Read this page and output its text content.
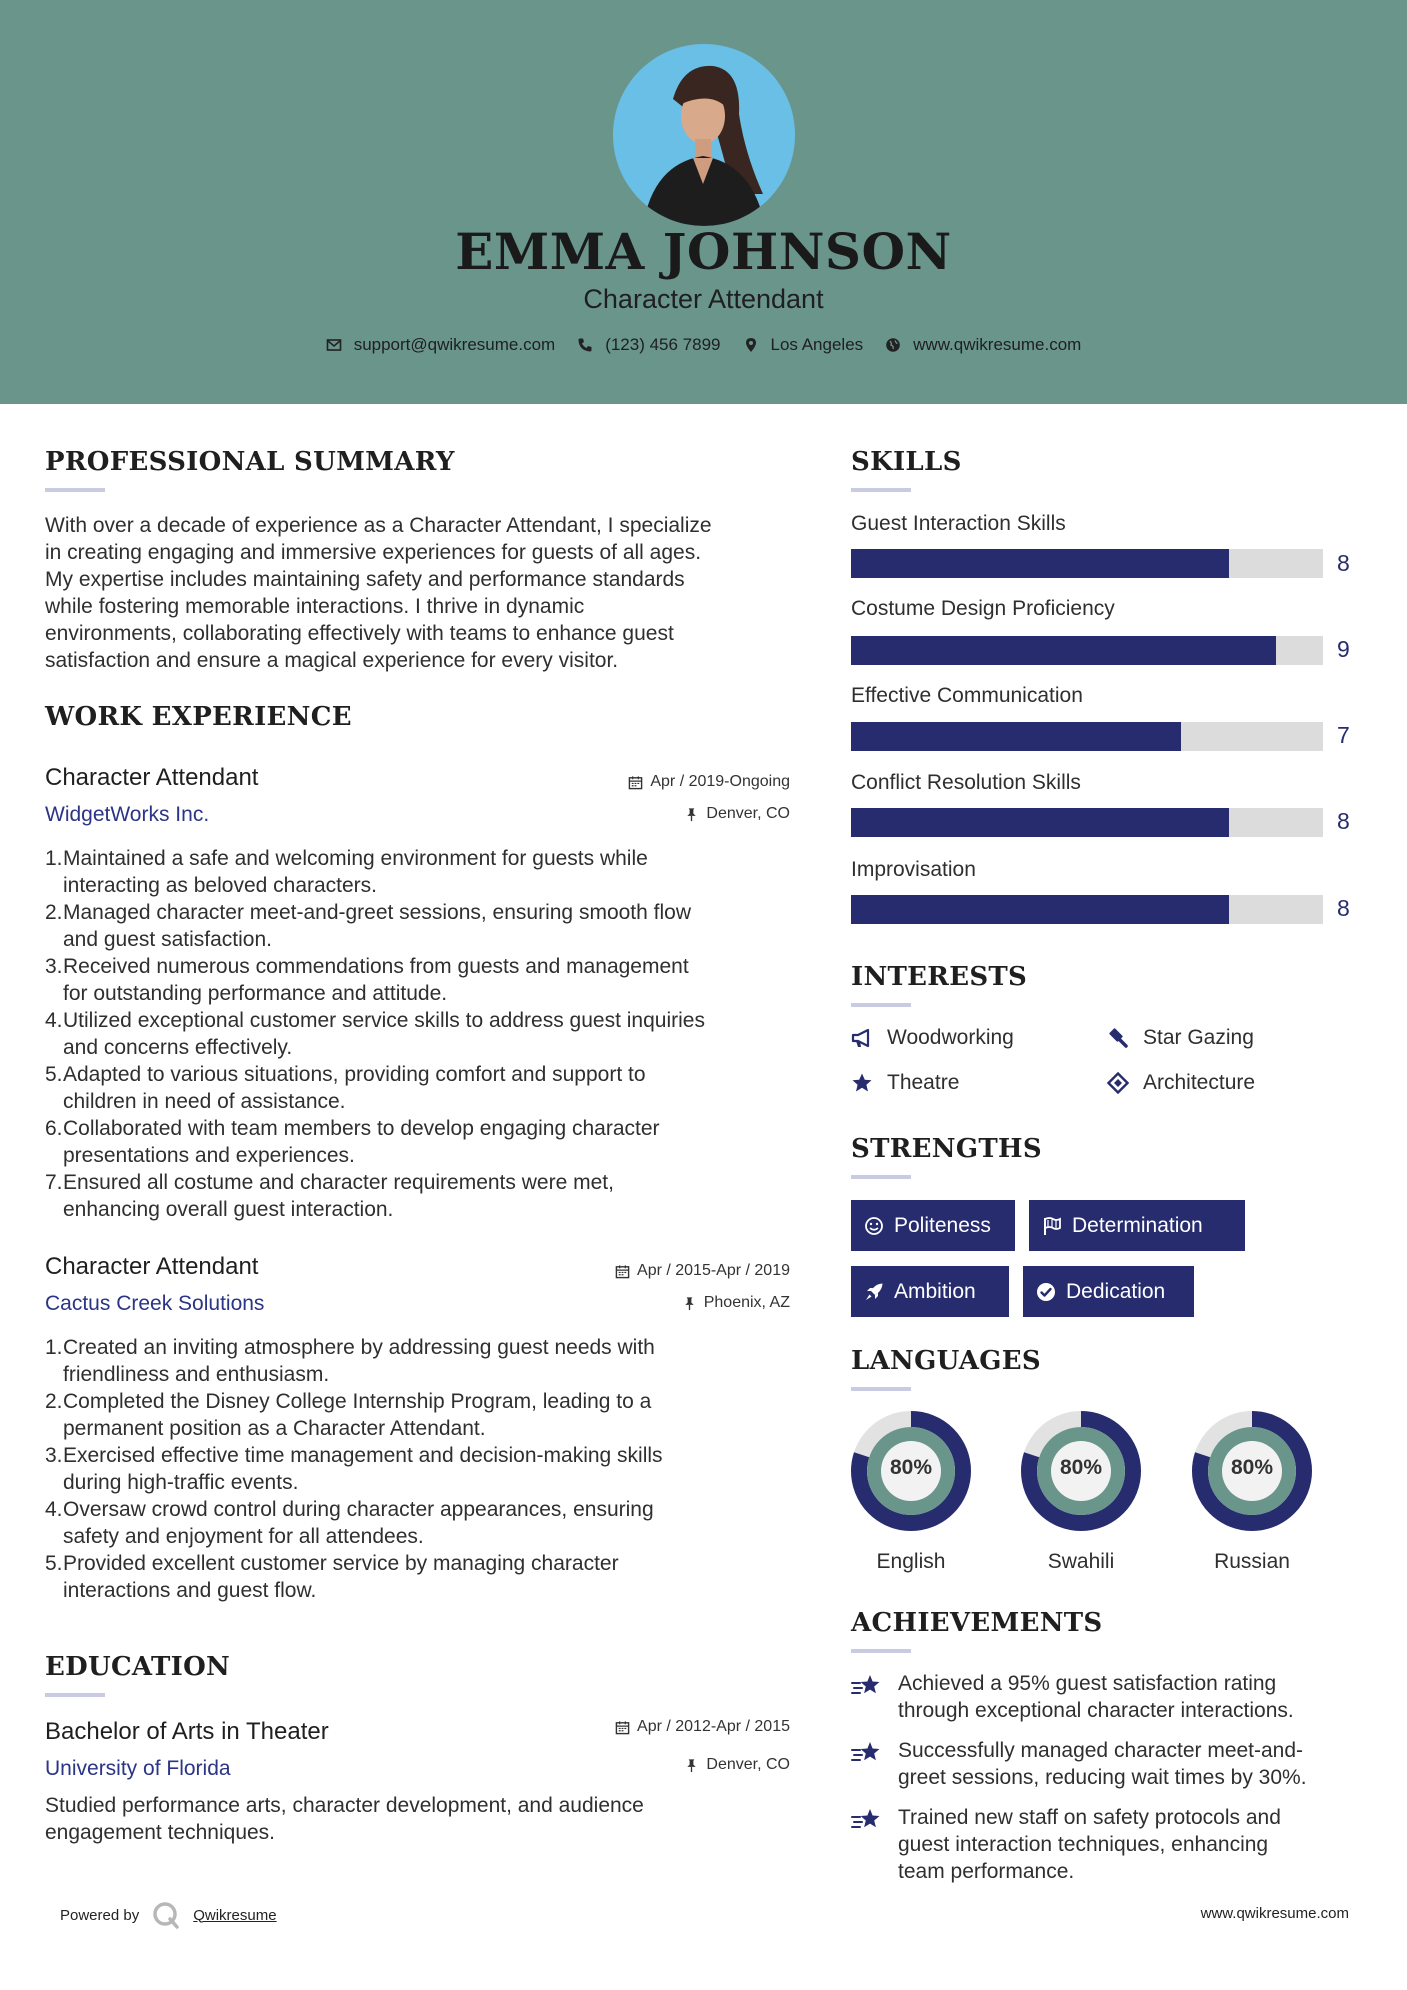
EMMA JOHNSON
Character Attendant
support@qwikresume.com	(123) 456 7899	Los Angeles	www.qwikresume.com
PROFESSIONAL SUMMARY
With over a decade of experience as a Character Attendant, I specialize
in creating engaging and immersive experiences for guests of all ages.
My expertise includes maintaining safety and performance standards
while fostering memorable interactions. I thrive in dynamic
environments, collaborating effectively with teams to enhance guest
satisfaction and ensure a magical experience for every visitor.
WORK EXPERIENCE
Character Attendant
WidgetWorks Inc.
Apr / 2019-Ongoing
Denver, CO
1. Maintained a safe and welcoming environment for guests while
interacting as beloved characters.
2. Managed character meet-and-greet sessions, ensuring smooth flow
and guest satisfaction.
3. Received numerous commendations from guests and management
for outstanding performance and attitude.
4. Utilized exceptional customer service skills to address guest inquiries
and concerns effectively.
5. Adapted to various situations, providing comfort and support to
children in need of assistance.
6. Collaborated with team members to develop engaging character
presentations and experiences.
7. Ensured all costume and character requirements were met,
enhancing overall guest interaction.
Character Attendant
Cactus Creek Solutions
Apr / 2015-Apr / 2019
Phoenix, AZ
1. Created an inviting atmosphere by addressing guest needs with
friendliness and enthusiasm.
2. Completed the Disney College Internship Program, leading to a
permanent position as a Character Attendant.
3. Exercised effective time management and decision-making skills
during high-traffic events.
4. Oversaw crowd control during character appearances, ensuring
safety and enjoyment for all attendees.
5. Provided excellent customer service by managing character
interactions and guest flow.
EDUCATION
Bachelor of Arts in Theater
University of Florida
Apr / 2012-Apr / 2015
Denver, CO
Studied performance arts, character development, and audience
engagement techniques.
SKILLS
Guest Interaction Skills
8
Costume Design Proficiency
9
Effective Communication
7
Conflict Resolution Skills
8
Improvisation
8
INTERESTS
Woodworking	Star Gazing
Theatre	Architecture
STRENGTHS
Politeness	Determination
Ambition	Dedication
LANGUAGES
80%
English
80%
Swahili
80%
Russian
ACHIEVEMENTS
Achieved a 95% guest satisfaction rating
through exceptional character interactions.
Successfully managed character meet-and-
greet sessions, reducing wait times by 30%.
Trained new staff on safety protocols and
guest interaction techniques, enhancing
team performance.
Powered by	Qwikresume	www.qwikresume.com
